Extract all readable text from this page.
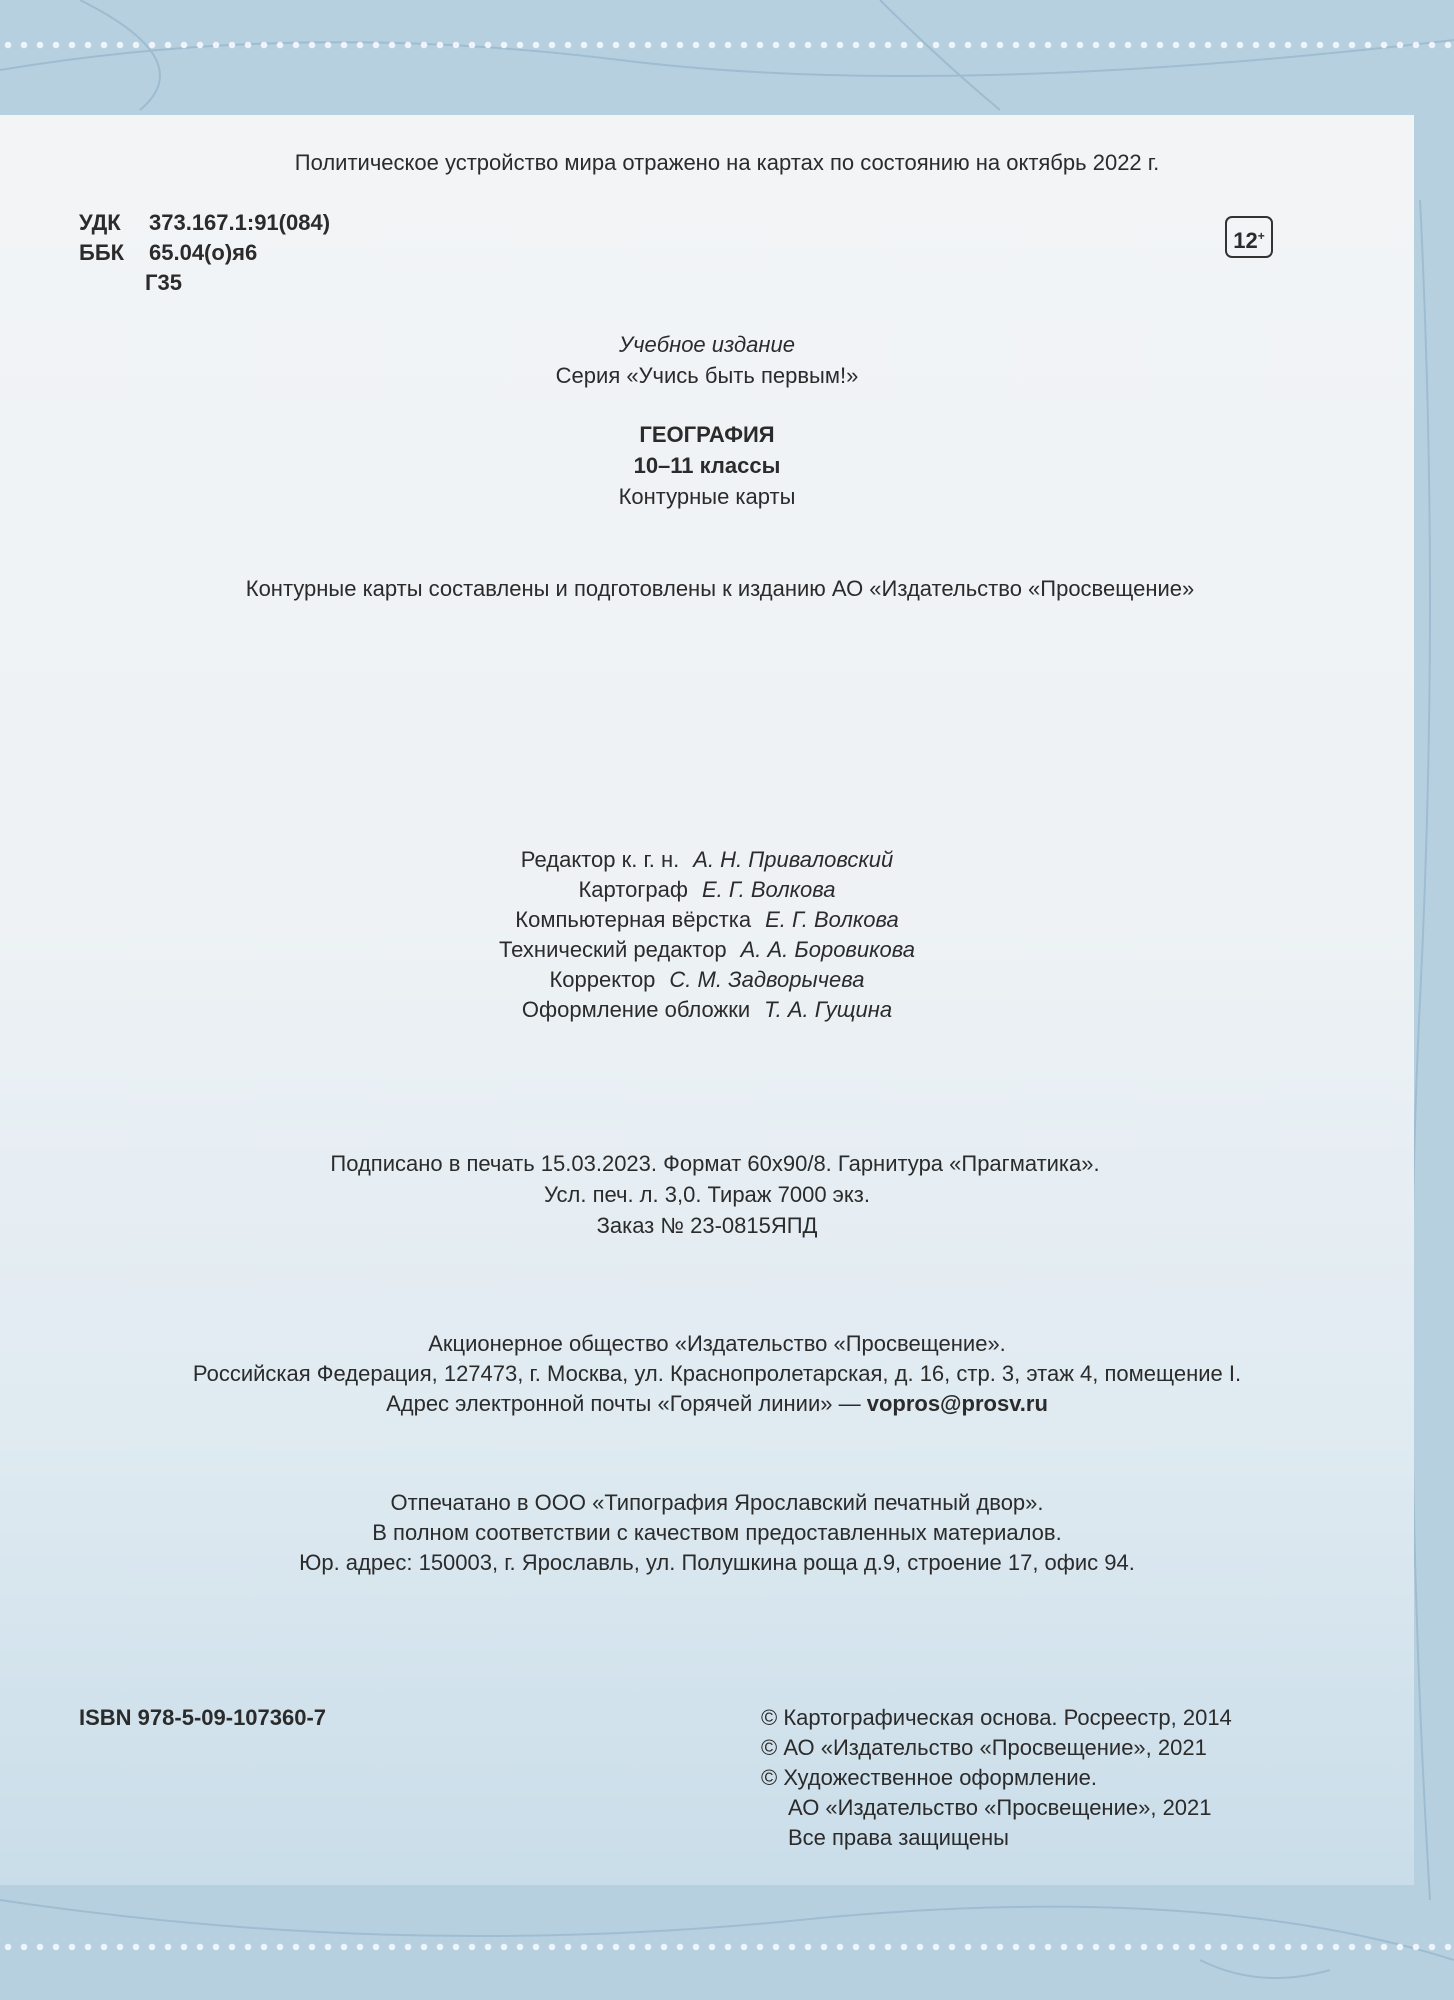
Политическое устройство мира отражено на картах по состоянию на октябрь 2022 г.
УДК 373.167.1:91(084)
ББК 65.04(о)я6
Г35
12+
Учебное издание
Серия «Учись быть первым!»
ГЕОГРАФИЯ
10–11 классы
Контурные карты
Контурные карты составлены и подготовлены к изданию АО «Издательство «Просвещение»
Редактор к. г. н. А. Н. Приваловский
Картограф Е. Г. Волкова
Компьютерная вёрстка Е. Г. Волкова
Технический редактор А. А. Боровикова
Корректор С. М. Задворычева
Оформление обложки Т. А. Гущина
Подписано в печать 15.03.2023. Формат 60х90/8. Гарнитура «Прагматика».
Усл. печ. л. 3,0. Тираж 7000 экз.
Заказ № 23-0815ЯПД
Акционерное общество «Издательство «Просвещение».
Российская Федерация, 127473, г. Москва, ул. Краснопролетарская, д. 16, стр. 3, этаж 4, помещение I.
Адрес электронной почты «Горячей линии» — vopros@prosv.ru
Отпечатано в ООО «Типография Ярославский печатный двор».
В полном соответствии с качеством предоставленных материалов.
Юр. адрес: 150003, г. Ярославль, ул. Полушкина роща д.9, строение 17, офис 94.
ISBN 978-5-09-107360-7	© Картографическая основа. Росреестр, 2014
© АО «Издательство «Просвещение», 2021
© Художественное оформление.
АО «Издательство «Просвещение», 2021
Все права защищены
